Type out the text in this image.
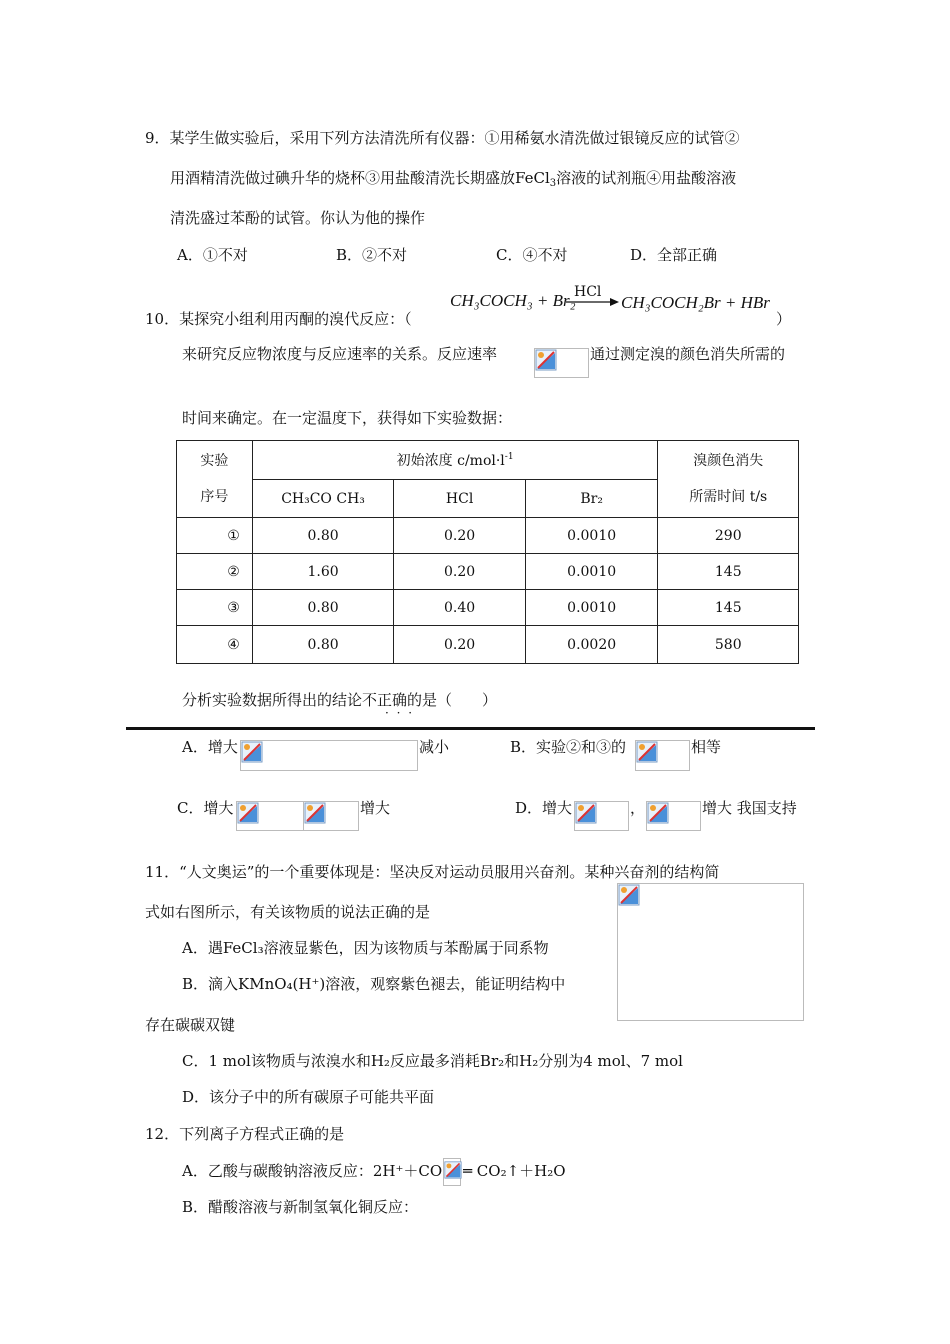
9．某学生做实验后，采用下列方法清洗所有仪器：①用稀氨水清洗做过银镜反应的试管②
用酒精清洗做过碘升华的烧杯③用盐酸清洗长期盛放FeCl$_3$溶液的试剂瓶④用盐酸溶液
清洗盛过苯酚的试管。你认为他的操作
A．①不对	B．②不对	C．④不对	D．全部正确
10．某探究小组利用丙酮的溴代反应：（
CH₃COCH₃ + Br₂
HCl
→ CH₃COCH₂Br + HBr
）
来研究反应物浓度与反应速率的关系。反应速率	通过测定溴的颜色消失所需的
时间来确定。在一定温度下，获得如下实验数据：
实验
序号	初始浓度 $c/mol\cdot l^{-1}$			溴颜色消失
所需时间 t/s
	CH₃CO CH₃	HCl	Br₂	
①	0.80	0.20	0.0010	290
②	1.60	0.20	0.0010	145
③	0.80	0.40	0.0010	145
④	0.80	0.20	0.0020	580
分析实验数据所得出的结论不正确的是（　　）
· · ·
A．增大	减小	B．实验②和③的	相等
C．增大	增大	D．增大	，	增大 我国支持
11．“人文奥运”的一个重要体现是：坚决反对运动员服用兴奋剂。某种兴奋剂的结构简
式如右图所示，有关该物质的说法正确的是
A．遇FeCl₃溶液显紫色，因为该物质与苯酚属于同系物
B．滴入KMnO₄(H⁺)溶液，观察紫色褪去，能证明结构中
存在碳碳双键
C．1 mol该物质与浓溴水和H₂反应最多消耗Br₂和H₂分别为4 mol、7 mol
D．该分子中的所有碳原子可能共平面
12．下列离子方程式正确的是
A．乙酸与碳酸钠溶液反应：2H⁺＋CO ═ CO₂↑＋H₂O
B．醋酸溶液与新制氢氧化铜反应：
